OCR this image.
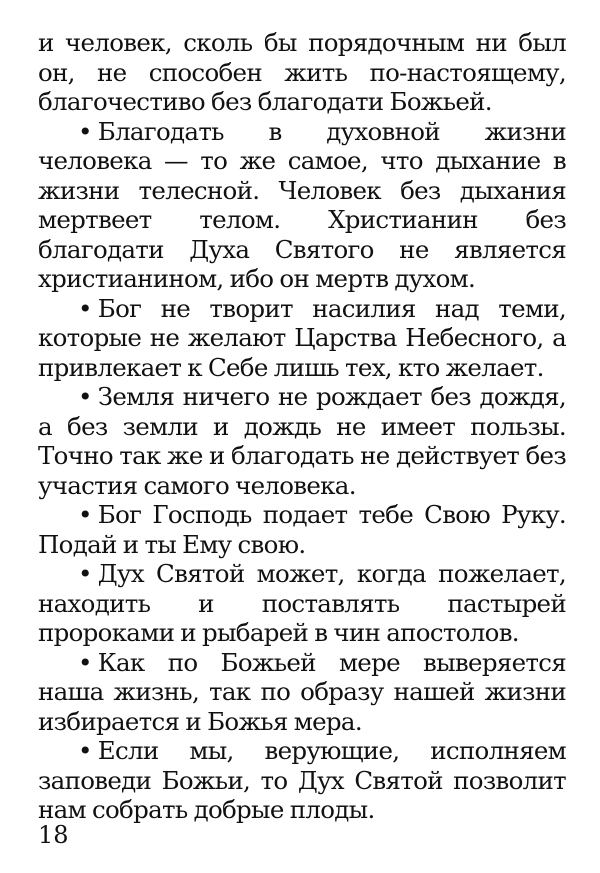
и человек, сколь бы порядочным ни был он, не способен жить по-настоящему, благочестиво без благодати Божьей.

• Благодать в духовной жизни человека — то же самое, что дыхание в жизни телесной. Человек без дыхания мертвеет телом. Христианин без благодати Духа Святого не является христианином, ибо он мертв духом.

• Бог не творит насилия над теми, которые не желают Царства Небесного, а привлекает к Себе лишь тех, кто желает.

• Земля ничего не рождает без дождя, а без земли и дождь не имеет пользы. Точно так же и благодать не действует без участия самого человека.

• Бог Господь подает тебе Свою Руку. Подай и ты Ему свою.

• Дух Святой может, когда пожелает, находить и поставлять пастырей пророками и рыбарей в чин апостолов.

• Как по Божьей мере выверяется наша жизнь, так по образу нашей жизни избирается и Божья мера.

• Если мы, верующие, исполняем заповеди Божьи, то Дух Святой позволит нам собрать добрые плоды.

18
